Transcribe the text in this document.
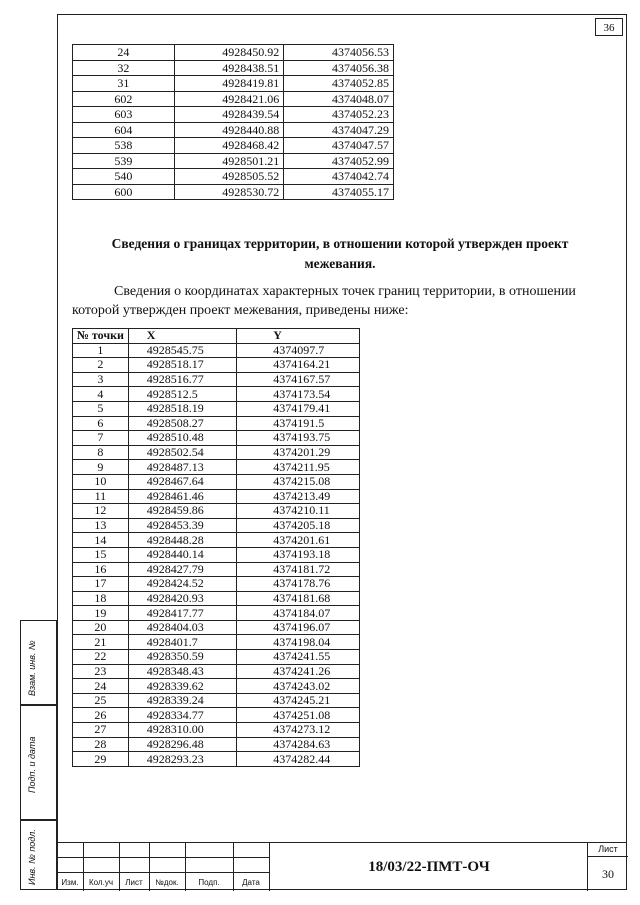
36
24	4928450.92	4374056.53
32	4928438.51	4374056.38
31	4928419.81	4374052.85
602	4928421.06	4374048.07
603	4928439.54	4374052.23
604	4928440.88	4374047.29
538	4928468.42	4374047.57
539	4928501.21	4374052.99
540	4928505.52	4374042.74
600	4928530.72	4374055.17
Сведения о границах территории, в отношении которой утвержден проект межевания.
Сведения о координатах характерных точек границ территории, в отношении которой утвержден проект межевания, приведены ниже:
№ точки	X	Y
1	4928545.75	4374097.7
2	4928518.17	4374164.21
3	4928516.77	4374167.57
4	4928512.5	4374173.54
5	4928518.19	4374179.41
6	4928508.27	4374191.5
7	4928510.48	4374193.75
8	4928502.54	4374201.29
9	4928487.13	4374211.95
10	4928467.64	4374215.08
11	4928461.46	4374213.49
12	4928459.86	4374210.11
13	4928453.39	4374205.18
14	4928448.28	4374201.61
15	4928440.14	4374193.18
16	4928427.79	4374181.72
17	4928424.52	4374178.76
18	4928420.93	4374181.68
19	4928417.77	4374184.07
20	4928404.03	4374196.07
21	4928401.7	4374198.04
22	4928350.59	4374241.55
23	4928348.43	4374241.26
24	4928339.62	4374243.02
25	4928339.24	4374245.21
26	4928334.77	4374251.08
27	4928310.00	4374273.12
28	4928296.48	4374284.63
29	4928293.23	4374282.44
Взам. инв. №
Подп. и дата
Инв. № подл.	Изм.	Кол.уч	Лист	№док.	Подп.	Дата
18/03/22-ПМТ-ОЧ
Лист
30
